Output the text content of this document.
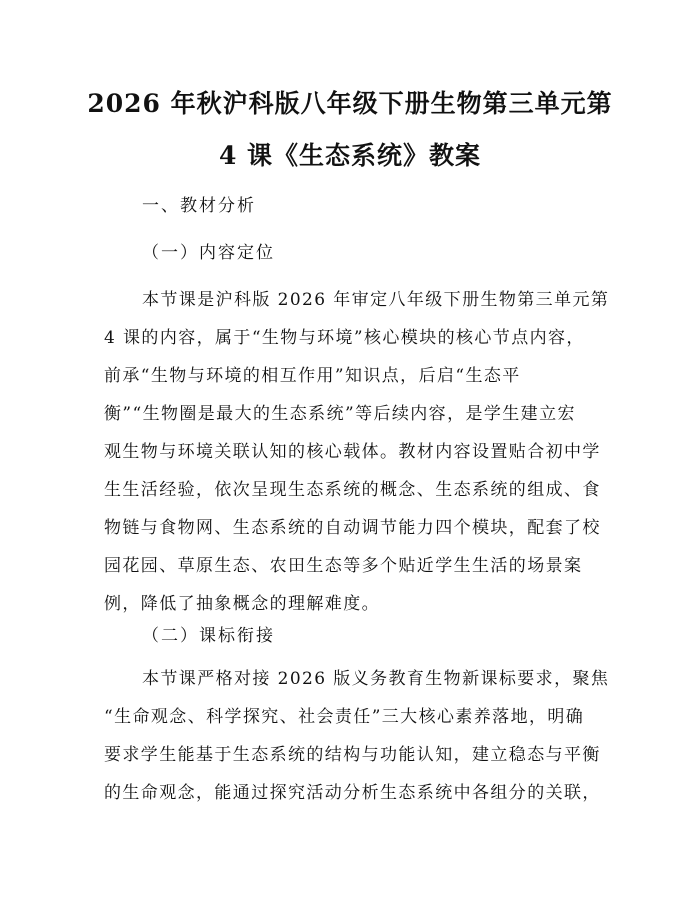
2026 年秋沪科版八年级下册生物第三单元第
4 课《生态系统》教案
一、教材分析
（一）内容定位
本节课是沪科版 2026 年审定八年级下册生物第三单元第
4 课的内容，属于“生物与环境”核心模块的核心节点内容，
前承“生物与环境的相互作用”知识点，后启“生态平
衡”“生物圈是最大的生态系统”等后续内容，是学生建立宏
观生物与环境关联认知的核心载体。教材内容设置贴合初中学
生生活经验，依次呈现生态系统的概念、生态系统的组成、食
物链与食物网、生态系统的自动调节能力四个模块，配套了校
园花园、草原生态、农田生态等多个贴近学生生活的场景案
例，降低了抽象概念的理解难度。
（二）课标衔接
本节课严格对接 2026 版义务教育生物新课标要求，聚焦
“生命观念、科学探究、社会责任”三大核心素养落地，明确
要求学生能基于生态系统的结构与功能认知，建立稳态与平衡
的生命观念，能通过探究活动分析生态系统中各组分的关联，
